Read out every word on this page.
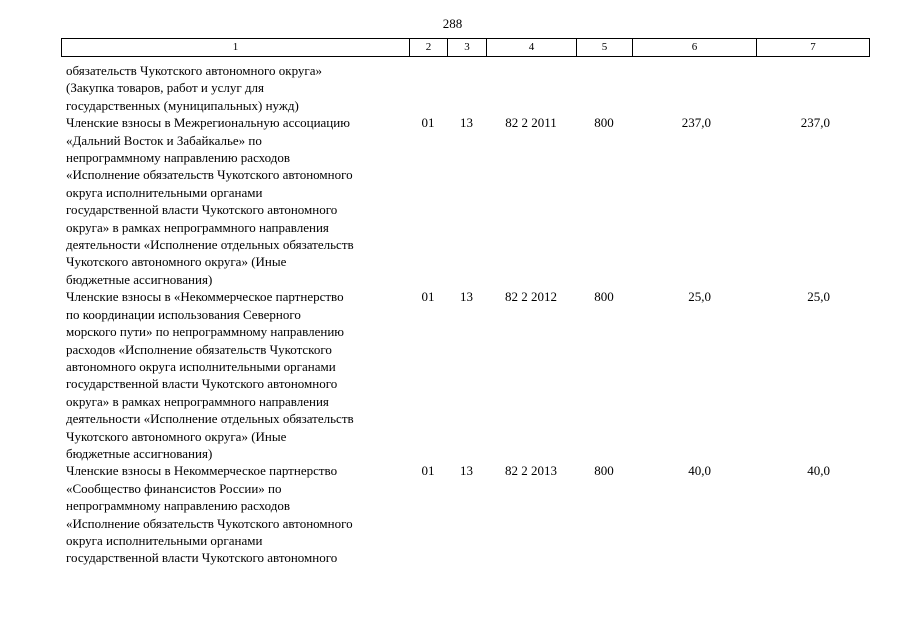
288
1	2	3	4	5	6	7
обязательств Чукотского автономного округа»
(Закупка товаров, работ и услуг для
государственных (муниципальных) нужд)
Членские взносы в Межрегиональную ассоциацию
«Дальний Восток и Забайкалье» по
непрограммному направлению расходов
«Исполнение обязательств Чукотского автономного
округа исполнительными органами
государственной власти Чукотского автономного
округа» в рамках непрограммного направления
деятельности «Исполнение отдельных обязательств
Чукотского автономного округа» (Иные
бюджетные ассигнования)
01	13	82 2 2011	800	237,0	237,0
Членские взносы в «Некоммерческое партнерство
по координации использования Северного
морского пути» по непрограммному направлению
расходов «Исполнение обязательств Чукотского
автономного округа исполнительными органами
государственной власти Чукотского автономного
округа» в рамках непрограммного направления
деятельности «Исполнение отдельных обязательств
Чукотского автономного округа» (Иные
бюджетные ассигнования)
01	13	82 2 2012	800	25,0	25,0
Членские взносы в Некоммерческое партнерство
«Сообщество финансистов России» по
непрограммному направлению расходов
«Исполнение обязательств Чукотского автономного
округа исполнительными органами
государственной власти Чукотского автономного
01	13	82 2 2013	800	40,0	40,0
